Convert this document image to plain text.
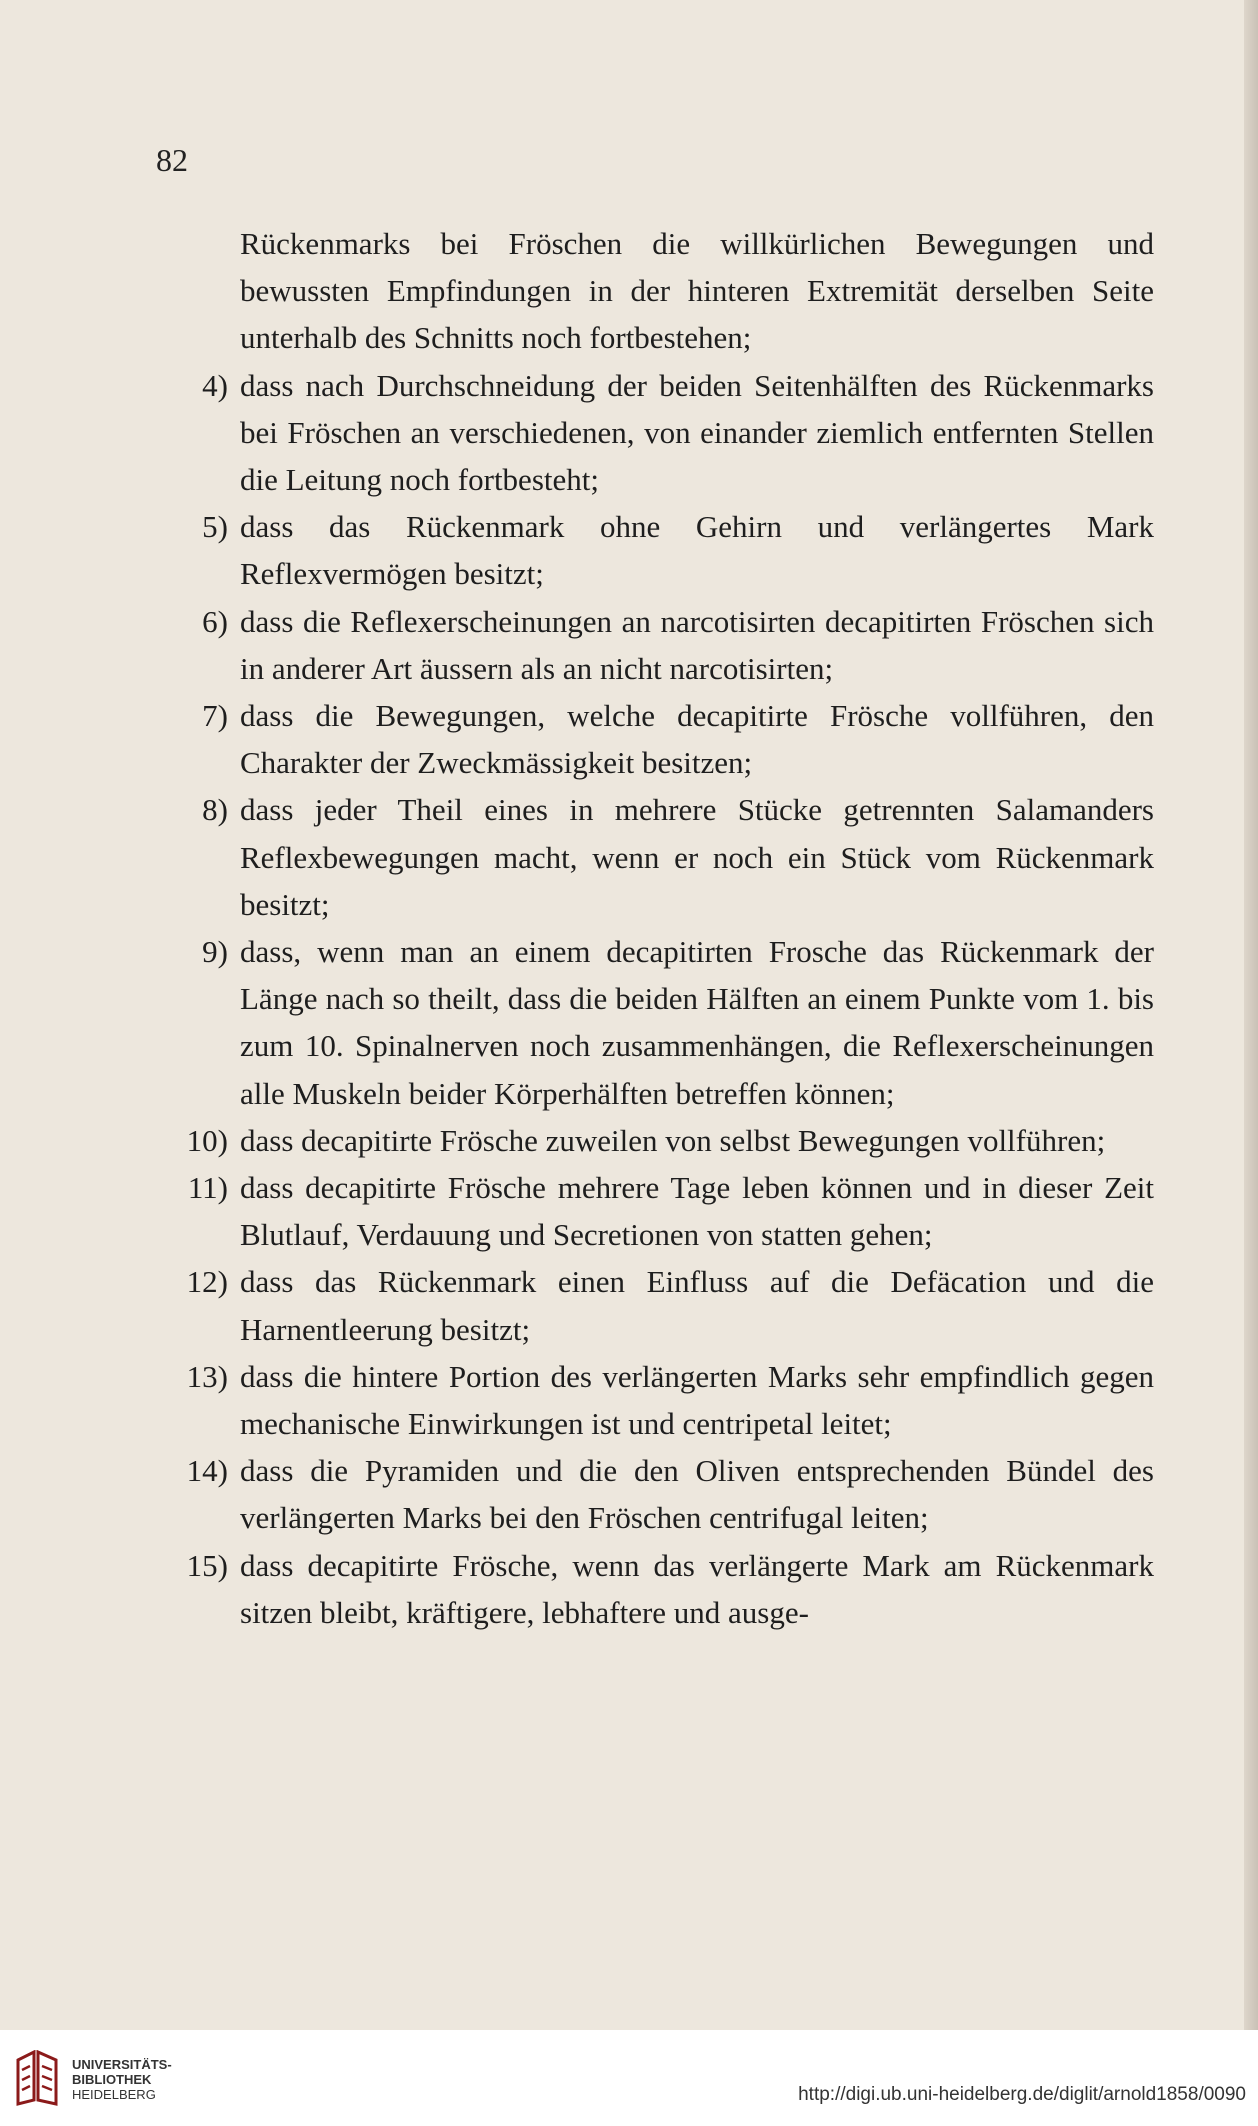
82
Rückenmarks bei Fröschen die willkürlichen Bewegungen und bewussten Empfindungen in der hinteren Extremität derselben Seite unterhalb des Schnitts noch fortbestehen;
4) dass nach Durchschneidung der beiden Seitenhälften des Rückenmarks bei Fröschen an verschiedenen, von einander ziemlich entfernten Stellen die Leitung noch fortbesteht;
5) dass das Rückenmark ohne Gehirn und verlängertes Mark Reflexvermögen besitzt;
6) dass die Reflexerscheinungen an narcotisirten decapitirten Fröschen sich in anderer Art äussern als an nicht narcotisirten;
7) dass die Bewegungen, welche decapitirte Frösche vollführen, den Charakter der Zweckmässigkeit besitzen;
8) dass jeder Theil eines in mehrere Stücke getrennten Salamanders Reflexbewegungen macht, wenn er noch ein Stück vom Rückenmark besitzt;
9) dass, wenn man an einem decapitirten Frosche das Rückenmark der Länge nach so theilt, dass die beiden Hälften an einem Punkte vom 1. bis zum 10. Spinalnerven noch zusammenhängen, die Reflexerscheinungen alle Muskeln beider Körperhälften betreffen können;
10) dass decapitirte Frösche zuweilen von selbst Bewegungen vollführen;
11) dass decapitirte Frösche mehrere Tage leben können und in dieser Zeit Blutlauf, Verdauung und Secretionen von statten gehen;
12) dass das Rückenmark einen Einfluss auf die Defäcation und die Harnentleerung besitzt;
13) dass die hintere Portion des verlängerten Marks sehr empfindlich gegen mechanische Einwirkungen ist und centripetal leitet;
14) dass die Pyramiden und die den Oliven entsprechenden Bündel des verlängerten Marks bei den Fröschen centrifugal leiten;
15) dass decapitirte Frösche, wenn das verlängerte Mark am Rückenmark sitzen bleibt, kräftigere, lebhaftere und ausge-
UNIVERSITÄTS-
BIBLIOTHEK
HEIDELBERG	http://digi.ub.uni-heidelberg.de/diglit/arnold1858/0090
